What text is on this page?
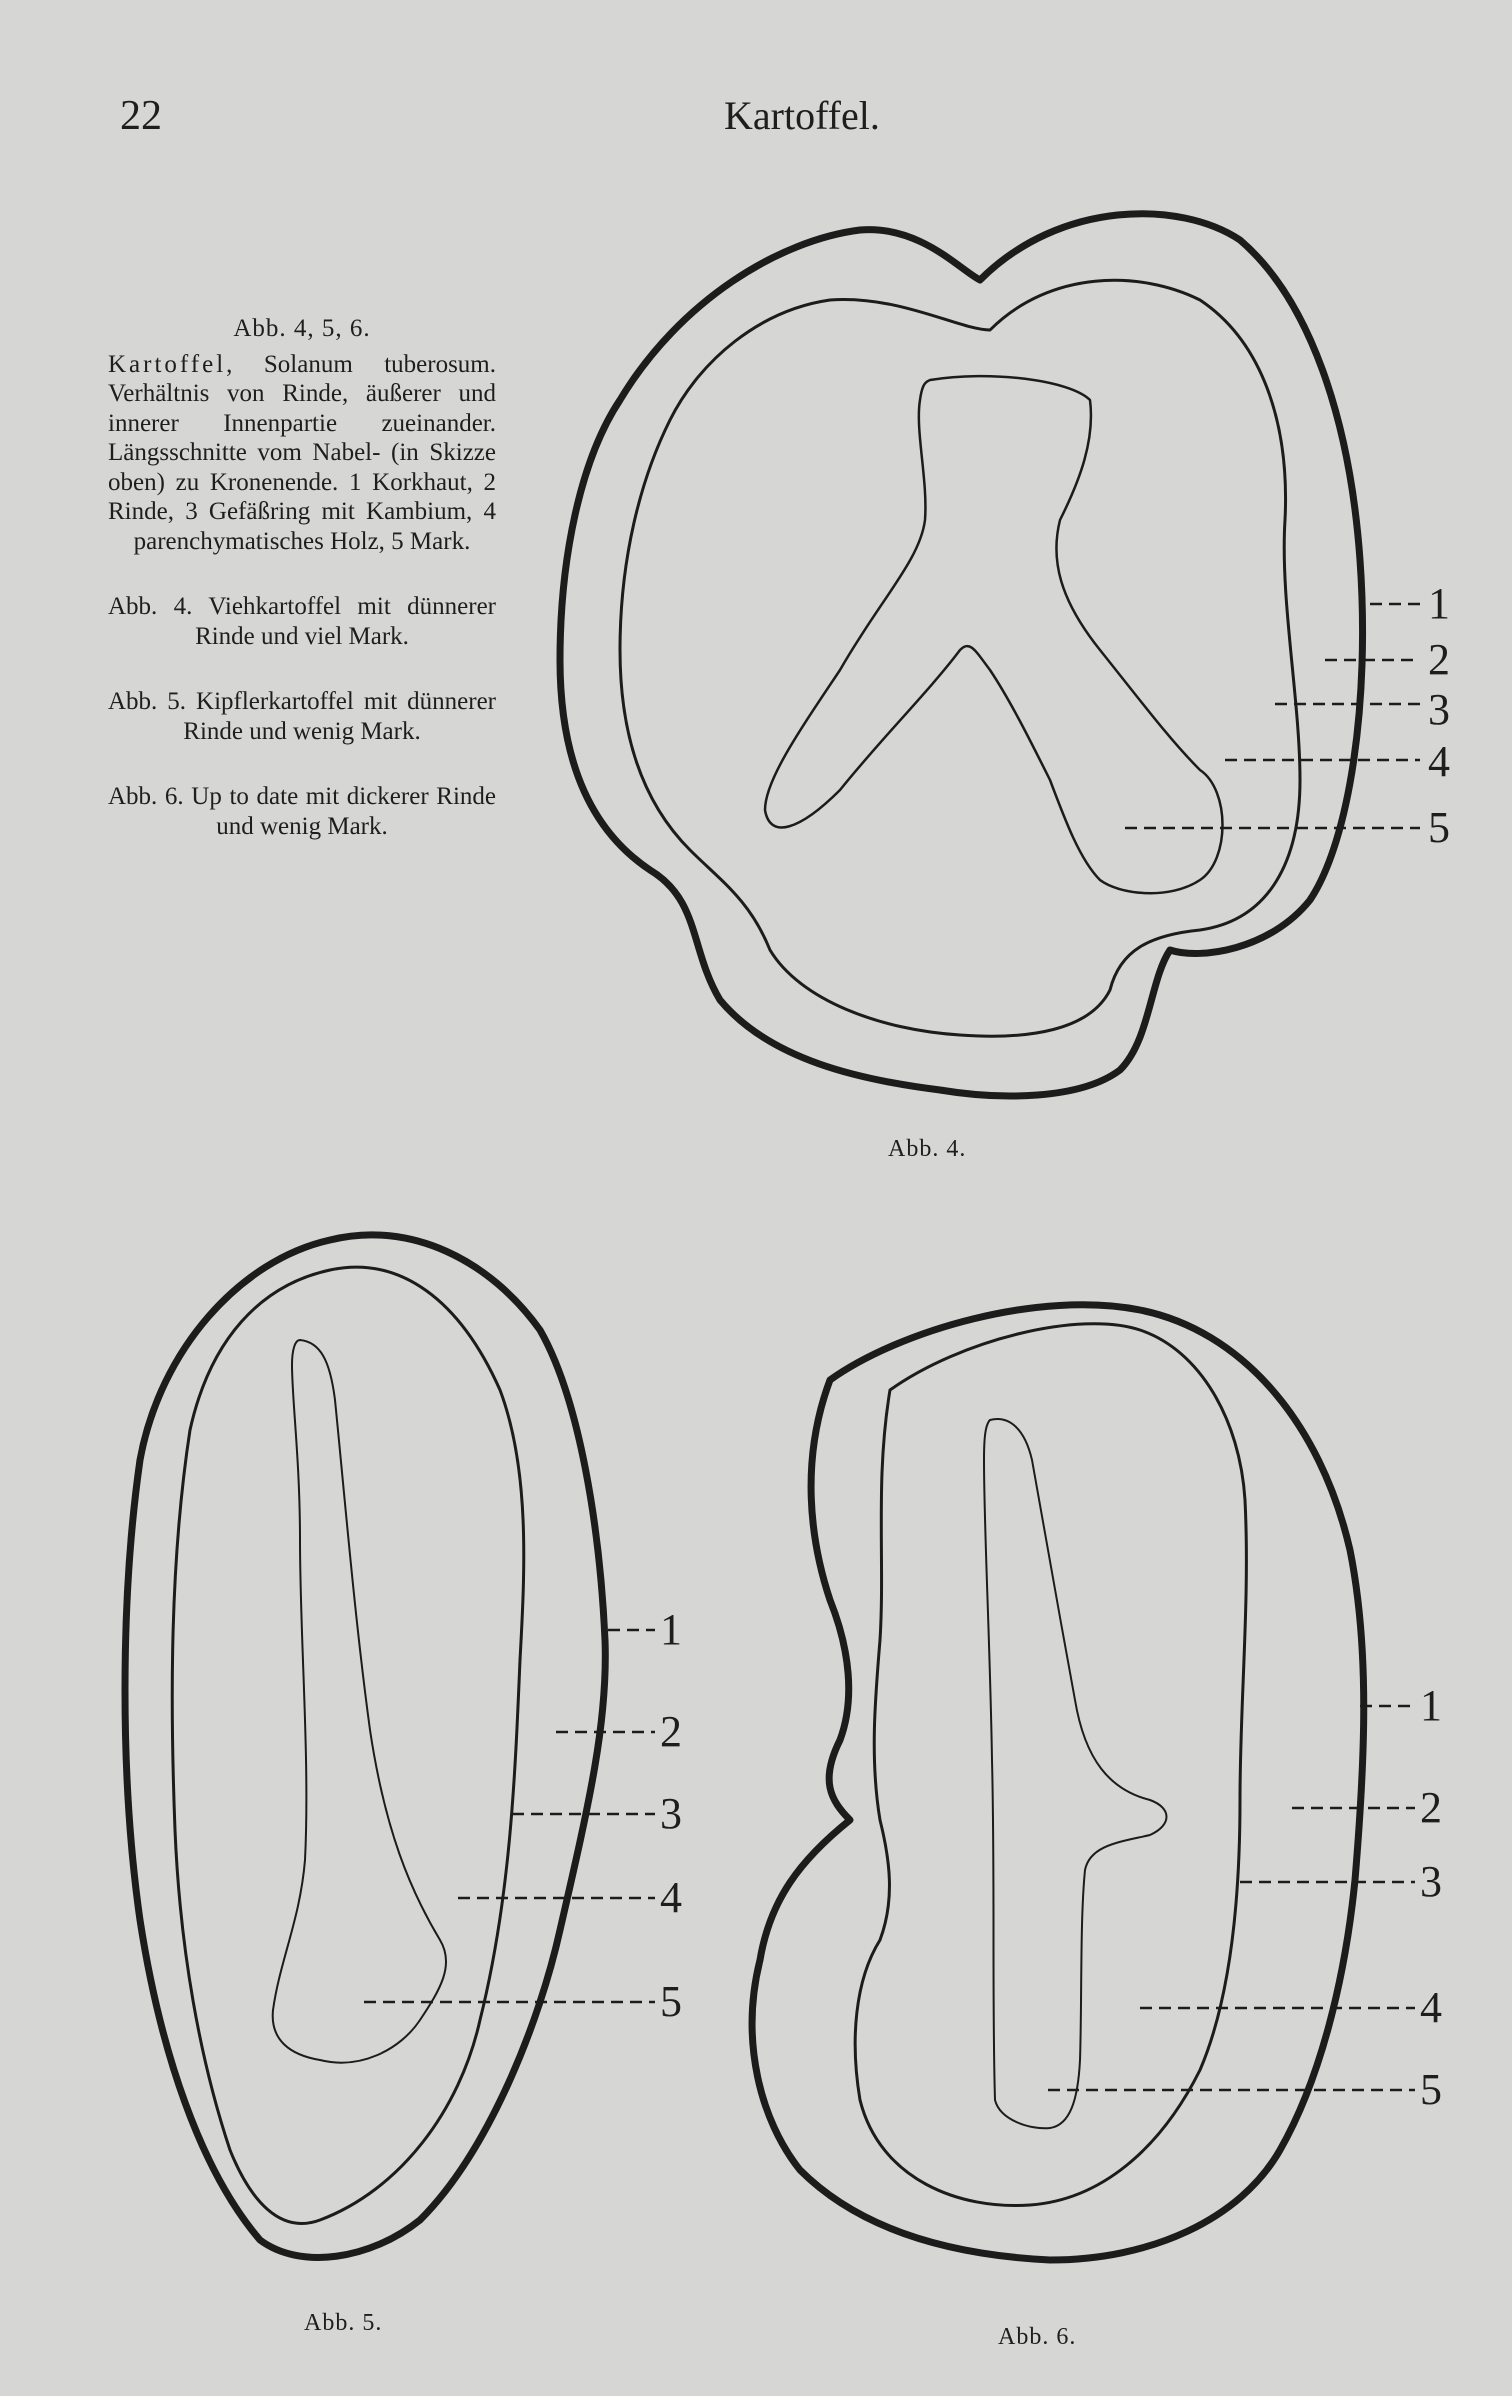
22	Kartoffel.
Abb. 4, 5, 6.
Kartoffel, Solanum tuberosum. Verhältnis von Rinde, äußerer und innerer Innenpartie zueinander. Längsschnitte vom Nabel- (in Skizze oben) zu Kronenende. 1 Korkhaut, 2 Rinde, 3 Gefäßring mit Kambium, 4 parenchymatisches Holz, 5 Mark.
Abb. 4. Viehkartoffel mit dünnerer Rinde und viel Mark.
Abb. 5. Kipflerkartoffel mit dünnerer Rinde und wenig Mark.
Abb. 6. Up to date mit dickerer Rinde und wenig Mark.
1
2
3
4
5
1
2
3
4
5
1
2
3
4
5
Abb. 4.
Abb. 5.
Abb. 6.
